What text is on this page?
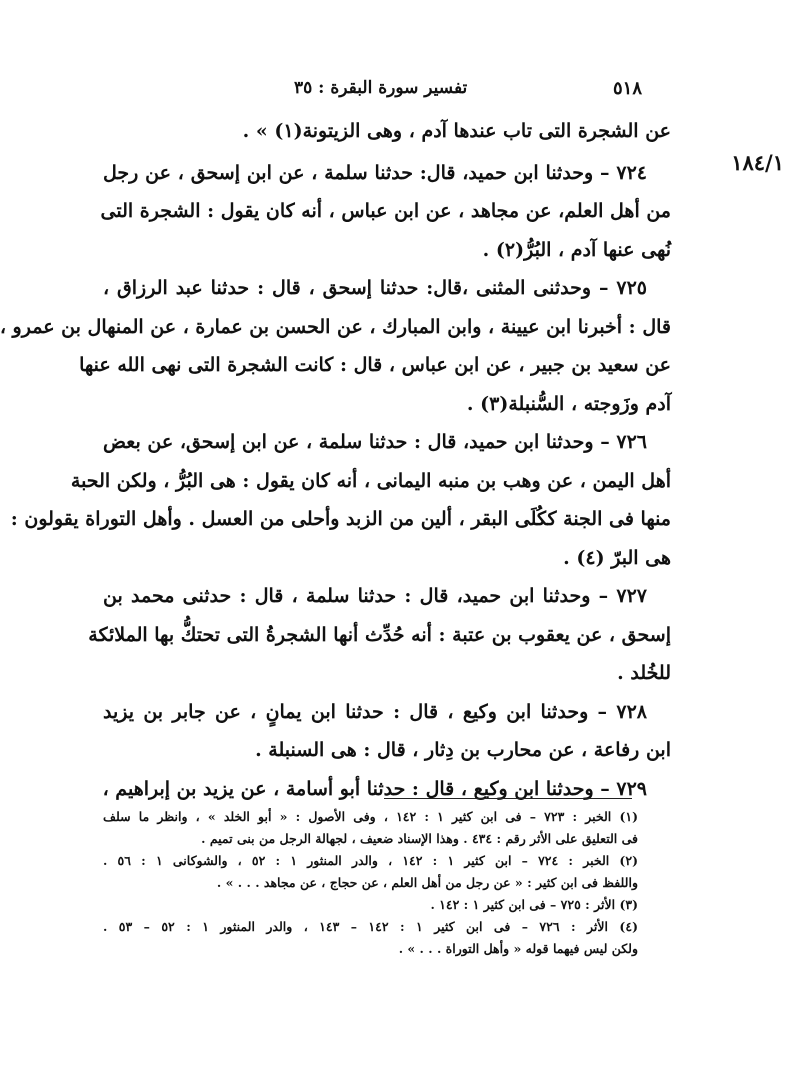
٥١٨
تفسير سورة البقرة : ٣٥
١٨٤/١
عن الشجرة التى تاب عندها آدم ، وهى الزيتونة(١) » .
٧٢٤ – وحدثنا ابن حميد، قال: حدثنا سلمة ، عن ابن إسحق ، عن رجل
من أهل العلم، عن مجاهد ، عن ابن عباس ، أنه كان يقول : الشجرة التى
نُهى عنها آدم ، البُرُّ(٢) .
٧٢٥ – وحدثنى المثنى ،قال: حدثنا إسحق ، قال : حدثنا عبد الرزاق ،
قال : أخبرنا ابن عيينة ، وابن المبارك ، عن الحسن بن عمارة ، عن المنهال بن عمرو ،
عن سعيد بن جبير ، عن ابن عباس ، قال : كانت الشجرة التى نهى الله عنها
آدم وزَوجته ، السُّنبلة(٣) .
٧٢٦ – وحدثنا ابن حميد، قال : حدثنا سلمة ، عن ابن إسحق، عن بعض
أهل اليمن ، عن وهب بن منبه اليمانى ، أنه كان يقول : هى البُرُّ ، ولكن الحبة
منها فى الجنة ككُلَى البقر ، ألين من الزبد وأحلى من العسل . وأهل التوراة يقولون :
هى البرّ (٤) .
٧٢٧ – وحدثنا ابن حميد، قال : حدثنا سلمة ، قال : حدثنى محمد بن
إسحق ، عن يعقوب بن عتبة : أنه حُدِّث أنها الشجرةُ التى تحتكُّ بها الملائكة
للخُلد .
٧٢٨ – وحدثنا ابن وكيع ، قال : حدثنا ابن يمانٍ ، عن جابر بن يزيد
ابن رفاعة ، عن محارب بن دِثار ، قال : هى السنبلة .
٧٢٩ – وحدثنا ابن وكيع ، قال : حدثنا أبو أسامة ، عن يزيد بن إبراهيم ،
(١) الخبر : ٧٢٣ – فى ابن كثير ١ : ١٤٢ ، وفى الأصول : « أبو الخلد » ، وانظر ما سلف
فى التعليق على الأثر رقم : ٤٣٤ . وهذا الإسناد ضعيف ، لجهالة الرجل من بنى تميم .
(٢) الخبر : ٧٢٤ – ابن كثير ١ : ١٤٢ ، والدر المنثور ١ : ٥٢ ، والشوكانى ١ : ٥٦ .
واللفظ فى ابن كثير : « عن رجل من أهل العلم ، عن حجاج ، عن مجاهد . . . » .
(٣) الأثر : ٧٢٥ – فى ابن كثير ١ : ١٤٢ .
(٤) الأثر : ٧٢٦ – فى ابن كثير ١ : ١٤٢ – ١٤٣ ، والدر المنثور ١ : ٥٢ – ٥٣ .
ولكن ليس فيهما قوله « وأهل التوراة . . . » .
